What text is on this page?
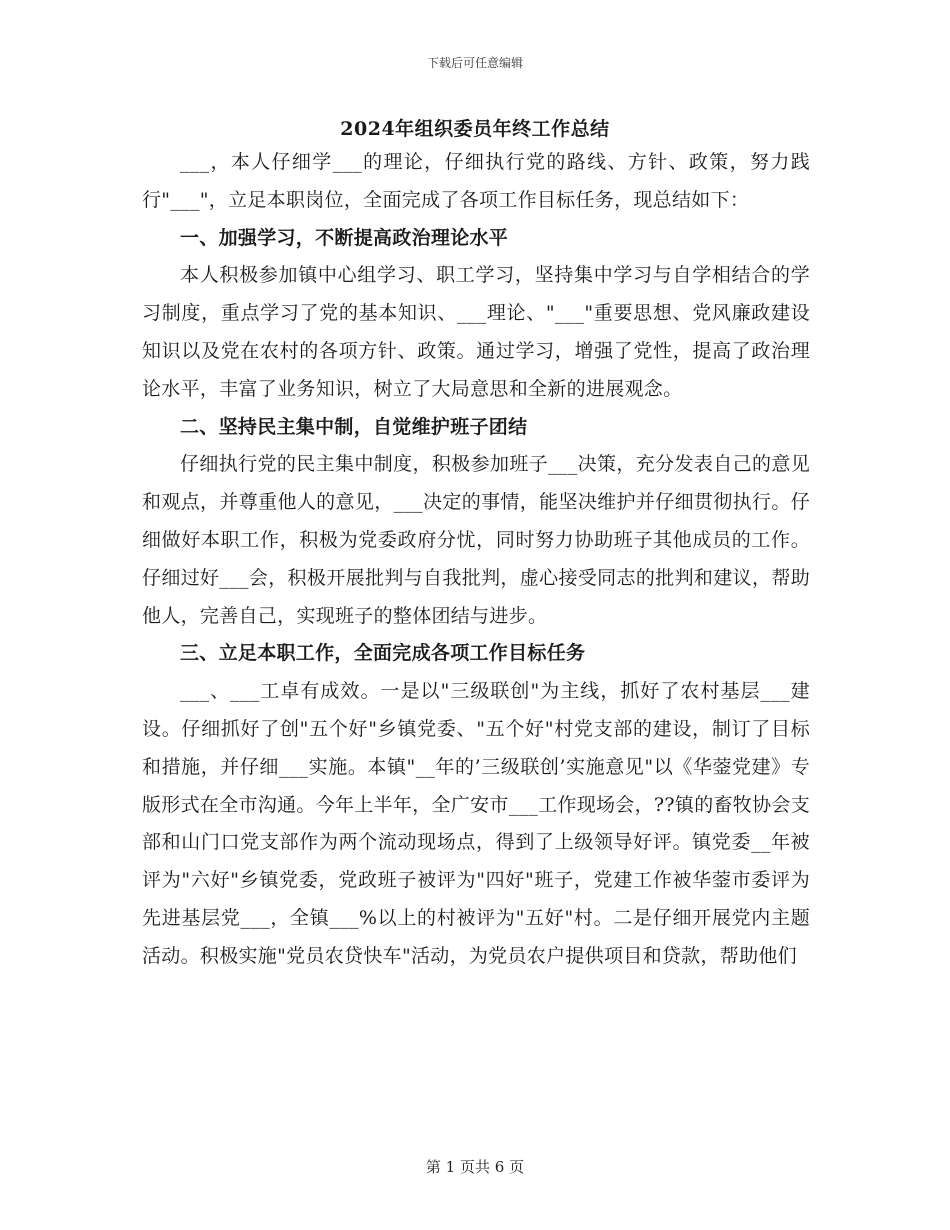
下载后可任意编辑
2024年组织委员年终工作总结

___，本人仔细学___的理论，仔细执行党的路线、方针、政策，努力践行"___"，立足本职岗位，全面完成了各项工作目标任务，现总结如下：

一、加强学习，不断提高政治理论水平

本人积极参加镇中心组学习、职工学习，坚持集中学习与自学相结合的学习制度，重点学习了党的基本知识、___理论、"___"重要思想、党风廉政建设知识以及党在农村的各项方针、政策。通过学习，增强了党性，提高了政治理论水平，丰富了业务知识，树立了大局意思和全新的进展观念。

二、坚持民主集中制，自觉维护班子团结

仔细执行党的民主集中制度，积极参加班子___决策，充分发表自己的意见和观点，并尊重他人的意见，___决定的事情，能坚决维护并仔细贯彻执行。仔细做好本职工作，积极为党委政府分忧，同时努力协助班子其他成员的工作。仔细过好___会，积极开展批判与自我批判，虚心接受同志的批判和建议，帮助他人，完善自己，实现班子的整体团结与进步。

三、立足本职工作，全面完成各项工作目标任务

___、___工卓有成效。一是以"三级联创"为主线，抓好了农村基层___建设。仔细抓好了创"五个好"乡镇党委、"五个好"村党支部的建设，制订了目标和措施，并仔细___实施。本镇"__年的’三级联创’实施意见"以《华蓥党建》专版形式在全市沟通。今年上半年，全广安市___工作现场会，??镇的畜牧协会支部和山门口党支部作为两个流动现场点，得到了上级领导好评。镇党委__年被评为"六好"乡镇党委，党政班子被评为"四好"班子，党建工作被华蓥市委评为先进基层党___，全镇___%以上的村被评为"五好"村。二是仔细开展党内主题活动。积极实施"党员农贷快车"活动，为党员农户提供项目和贷款，帮助他们

第 1 页共 6 页
